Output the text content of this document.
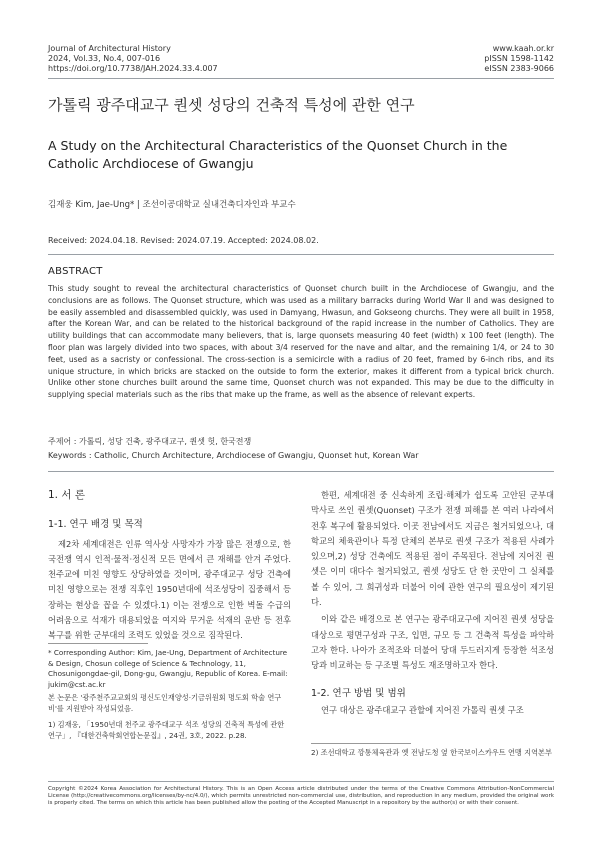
Journal of Architectural History
2024, Vol.33, No.4, 007-016
https://doi.org/10.7738/JAH.2024.33.4.007
www.kaah.or.kr
pISSN 1598-1142
eISSN 2383-9066
가톨릭 광주대교구 퀀셋 성당의 건축적 특성에 관한 연구
A Study on the Architectural Characteristics of the Quonset Church in the Catholic Archdiocese of Gwangju
김재웅 Kim, Jae-Ung* | 조선이공대학교 실내건축디자인과 부교수
Received: 2024.04.18. Revised: 2024.07.19. Accepted: 2024.08.02.
ABSTRACT
This study sought to reveal the architectural characteristics of Quonset church built in the Archdiocese of Gwangju, and the conclusions are as follows. The Quonset structure, which was used as a military barracks during World War II and was designed to be easily assembled and disassembled quickly, was used in Damyang, Hwasun, and Gokseong churchs. They were all built in 1958, after the Korean War, and can be related to the historical background of the rapid increase in the number of Catholics. They are utility buildings that can accommodate many believers, that is, large quonsets measuring 40 feet (width) x 100 feet (length). The floor plan was largely divided into two spaces, with about 3/4 reserved for the nave and altar, and the remaining 1/4, or 24 to 30 feet, used as a sacristy or confessional. The cross-section is a semicircle with a radius of 20 feet, framed by 6-inch ribs, and its unique structure, in which bricks are stacked on the outside to form the exterior, makes it different from a typical brick church. Unlike other stone churches built around the same time, Quonset church was not expanded. This may be due to the difficulty in supplying special materials such as the ribs that make up the frame, as well as the absence of relevant experts.
주제어 : 가톨릭, 성당 건축, 광주대교구, 퀀셋 헛, 한국전쟁
Keywords : Catholic, Church Architecture, Archdiocese of Gwangju, Quonset hut, Korean War
1. 서 론
1-1. 연구 배경 및 목적

제2차 세계대전은 인류 역사상 사망자가 가장 많은 전쟁으로, 한국전쟁 역시 인적·물적·정신적 모든 면에서 큰 재해를 안겨 주었다. 천주교에 미친 영향도 상당하였을 것이며, 광주대교구 성당 건축에 미친 영향으로는 전쟁 직후인 1950년대에 석조성당이 집중해서 등장하는 현상을 꼽을 수 있겠다.1) 이는 전쟁으로 인한 벽돌 수급의 어려움으로 석재가 대용되었을 여지와 무거운 석재의 운반 등 전후 복구를 위한 군부대의 조력도 있었을 것으로 짐작된다.

* Corresponding Author: Kim, Jae-Ung, Department of Architecture & Design, Chosun college of Science & Technology, 11, Chosunigongdae-gil, Dong-gu, Gwangju, Republic of Korea. E-mail: jukim@cst.ac.kr
본 논문은 '광주천주교교회의 평신도인재양성·기금위원회 명도회 학술 연구비'를 지원받아 작성되었음.
1) 김재웅, 「1950년대 천주교 광주대교구 석조 성당의 건축적 특성에 관한 연구」, 『대한건축학회연합논문집』, 24권, 3호, 2022. p.28.

한편, 세계대전 중 신속하게 조립·해체가 쉽도록 고안된 군부대 막사로 쓰인 퀀셋(Quonset) 구조가 전쟁 피해를 본 여러 나라에서 전후 복구에 활용되었다. 이곳 전남에서도 지금은 철거되었으나, 대학교의 체육관이나 특정 단체의 본부로 퀀셋 구조가 적용된 사례가 있으며,2) 성당 건축에도 적용된 점이 주목된다. 전남에 지어진 퀀셋은 이미 대다수 철거되었고, 퀀셋 성당도 단 한 곳만이 그 실체를 볼 수 있어, 그 희귀성과 더불어 이에 관한 연구의 필요성이 제기된다.

이와 같은 배경으로 본 연구는 광주대교구에 지어진 퀀셋 성당을 대상으로 평면구성과 구조, 입면, 규모 등 그 건축적 특성을 파악하고자 한다. 나아가 조적조와 더불어 당대 두드러지게 등장한 석조성당과 비교하는 등 구조별 특성도 재조명하고자 한다.

1-2. 연구 방법 및 범위

연구 대상은 광주대교구 관할에 지어진 가톨릭 퀀셋 구조

2) 조선대학교 깡통체육관과 옛 전남도청 옆 한국보이스카우트 연맹 지역본부
Copyright ©2024 Korea Association for Architectural History. This is an Open Access article distributed under the terms of the Creative Commons Attribution-NonCommercial License (http://creativecommons.org/licenses/by-nc/4.0/), which permits unrestricted non-commercial use, distribution, and reproduction in any medium, provided the original work is properly cited. The terms on which this article has been published allow the posting of the Accepted Manuscript in a repository by the author(s) or with their consent.
